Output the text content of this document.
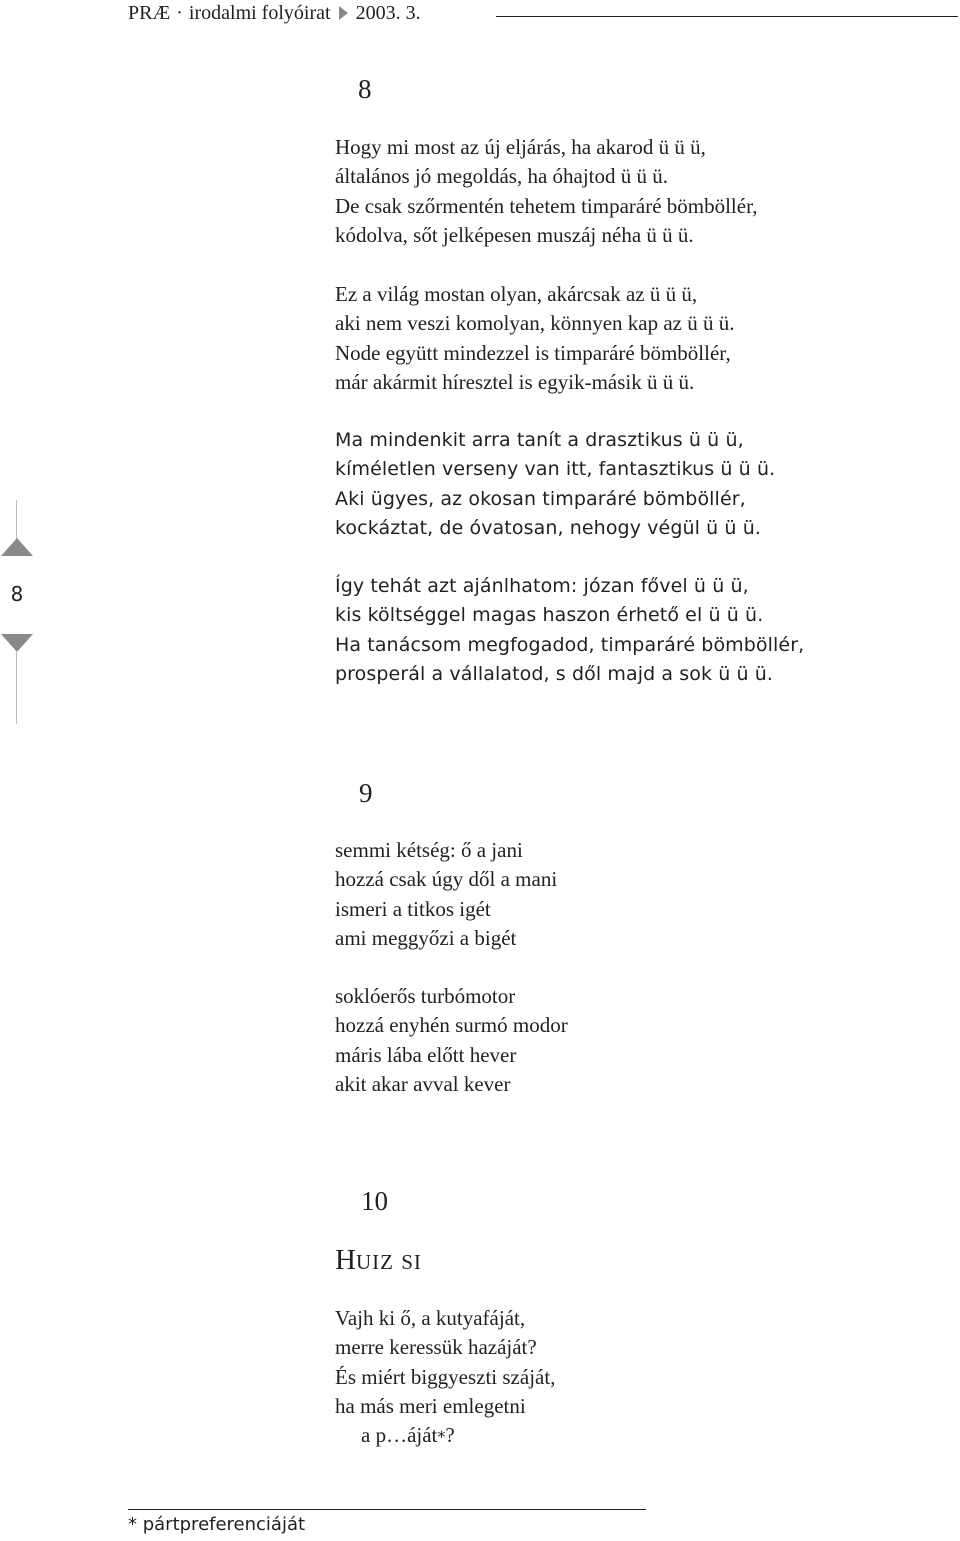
PRÆ · irodalmi folyóirat 2003. 3.
8
8
Hogy mi most az új eljárás, ha akarod ü ü ü,
általános jó megoldás, ha óhajtod ü ü ü.
De csak szőrmentén tehetem timparáré bömböllér,
kódolva, sőt jelképesen muszáj néha ü ü ü.
Ez a világ mostan olyan, akárcsak az ü ü ü,
aki nem veszi komolyan, könnyen kap az ü ü ü.
Node együtt mindezzel is timparáré bömböllér,
már akármit híresztel is egyik-másik ü ü ü.
Ma mindenkit arra tanít a drasztikus ü ü ü,
kíméletlen verseny van itt, fantasztikus ü ü ü.
Aki ügyes, az okosan timparáré bömböllér,
kockáztat, de óvatosan, nehogy végül ü ü ü.
Így tehát azt ajánlhatom: józan fővel ü ü ü,
kis költséggel magas haszon érhető el ü ü ü.
Ha tanácsom megfogadod, timparáré bömböllér,
prosperál a vállalatod, s dől majd a sok ü ü ü.
9
semmi kétség: ő a jani
hozzá csak úgy dől a mani
ismeri a titkos igét
ami meggyőzi a bigét
soklóerős turbómotor
hozzá enyhén surmó modor
máris lába előtt hever
akit akar avval kever
10
HUIZ SI
Vajh ki ő, a kutyafáját,
merre keressük hazáját?
És miért biggyeszti száját,
ha más meri emlegetni
a p…áját*?
* pártpreferenciáját
